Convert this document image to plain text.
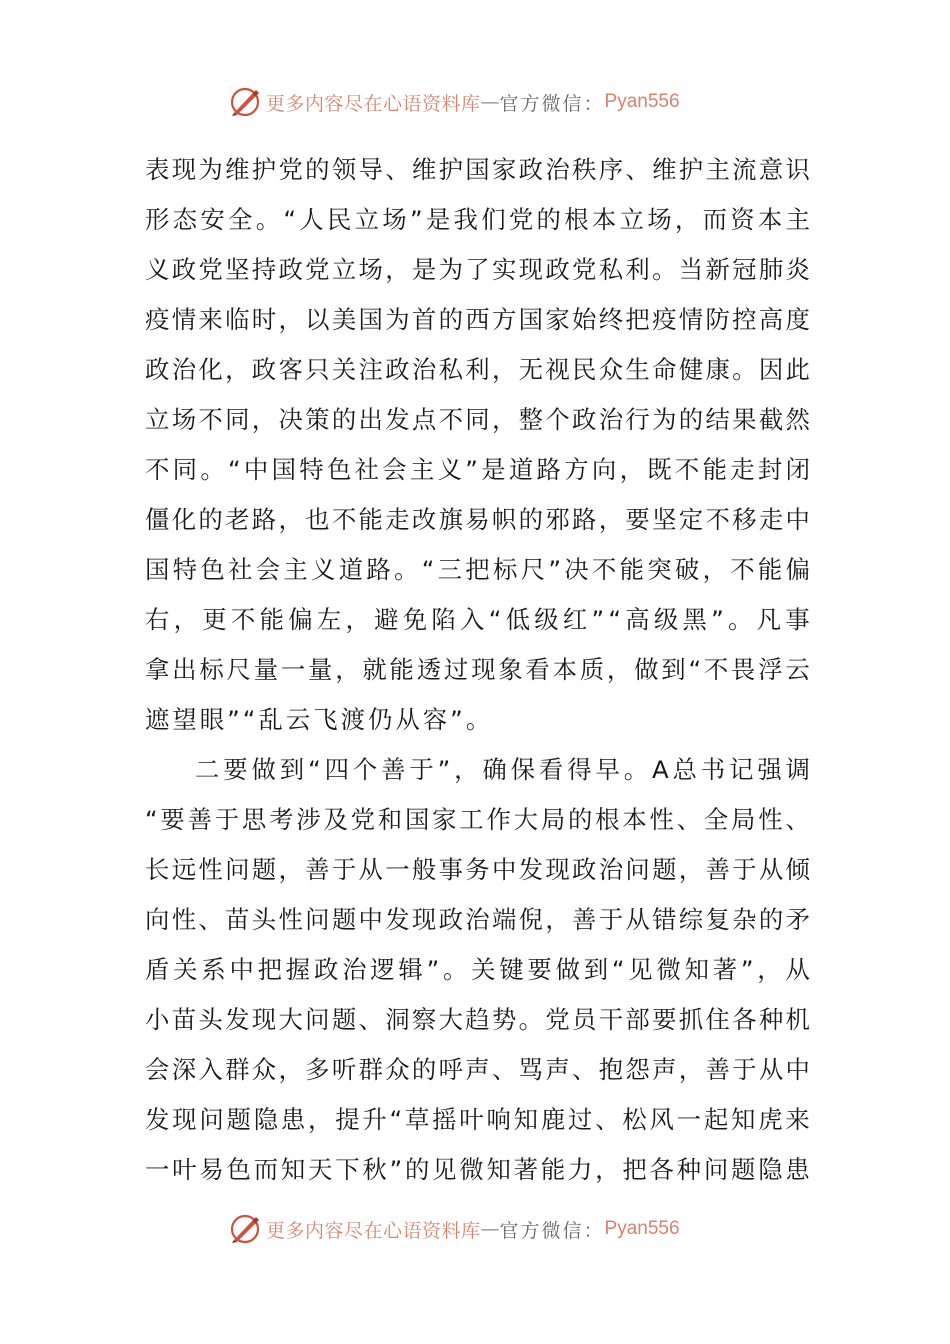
更多内容尽在心语资料库 — 官方微信： Pyan556
表 现 为 维 护 党 的 领 导 、 维 护 国 家 政 治 秩 序 、 维 护 主 流 意 识
形 态 安 全 。 “ 人 民 立 场 ” 是 我 们 党 的 根 本 立 场 ， 而 资 本 主
义 政 党 坚 持 政 党 立 场 ， 是 为 了 实 现 政 党 私 利 。 当 新 冠 肺 炎
疫 情 来 临 时 ， 以 美 国 为 首 的 西 方 国 家 始 终 把 疫 情 防 控 高 度
政 治 化 ， 政 客 只 关 注 政 治 私 利 ， 无 视 民 众 生 命 健 康 。 因 此
立 场 不 同 ， 决 策 的 出 发 点 不 同 ， 整 个 政 治 行 为 的 结 果 截 然
不 同 。 “ 中 国 特 色 社 会 主 义 ” 是 道 路 方 向 ， 既 不 能 走 封 闭
僵 化 的 老 路 ， 也 不 能 走 改 旗 易 帜 的 邪 路 ， 要 坚 定 不 移 走 中
国 特 色 社 会 主 义 道 路 。 “ 三 把 标 尺 ” 决 不 能 突 破 ， 不 能 偏
右 ， 更 不 能 偏 左 ， 避 免 陷 入 “ 低 级 红 ” “ 高 级 黑 ” 。 凡 事
拿 出 标 尺 量 一 量 ， 就 能 透 过 现 象 看 本 质 ， 做 到 “ 不 畏 浮 云
遮望眼”“乱云飞渡仍从容”。
二 要 做 到 “ 四 个 善 于 ” ， 确 保 看 得 早 。 A 总 书 记 强 调
“ 要 善 于 思 考 涉 及 党 和 国 家 工 作 大 局 的 根 本 性 、 全 局 性 、
长 远 性 问 题 ， 善 于 从 一 般 事 务 中 发 现 政 治 问 题 ， 善 于 从 倾
向 性 、 苗 头 性 问 题 中 发 现 政 治 端 倪 ， 善 于 从 错 综 复 杂 的 矛
盾 关 系 中 把 握 政 治 逻 辑 ” 。 关 键 要 做 到 “ 见 微 知 著 ” ， 从
小 苗 头 发 现 大 问 题 、 洞 察 大 趋 势 。 党 员 干 部 要 抓 住 各 种 机
会 深 入 群 众 ， 多 听 群 众 的 呼 声 、 骂 声 、 抱 怨 声 ， 善 于 从 中
发 现 问 题 隐 患 ， 提 升 “ 草 摇 叶 响 知 鹿 过 、 松 风 一 起 知 虎 来
一 叶 易 色 而 知 天 下 秋 ” 的 见 微 知 著 能 力 ， 把 各 种 问 题 隐 患
更多内容尽在心语资料库 — 官方微信： Pyan556
